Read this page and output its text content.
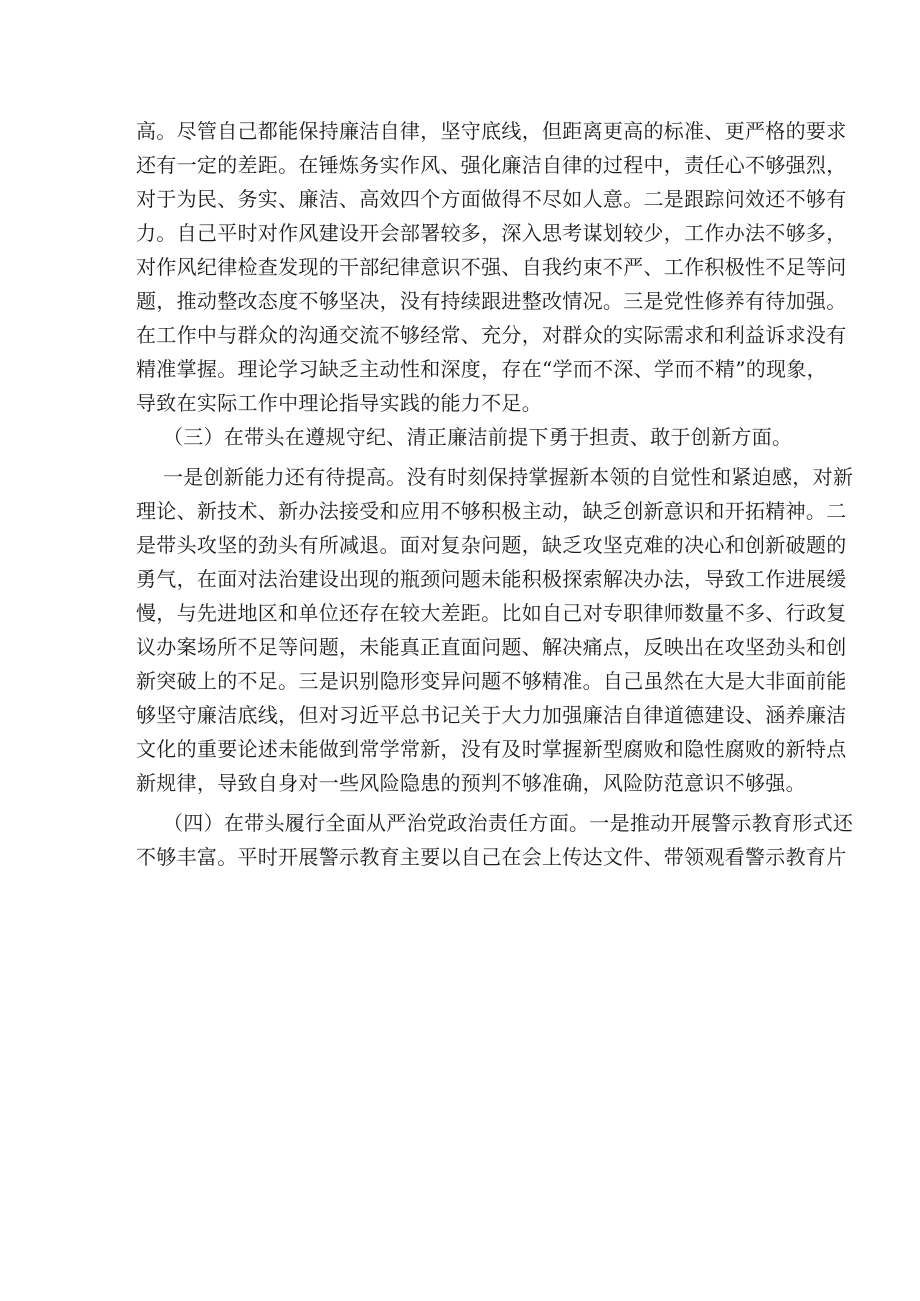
高。尽管自己都能保持廉洁自律，坚守底线，但距离更高的标准、更严格的要求
还有一定的差距。在锤炼务实作风、强化廉洁自律的过程中，责任心不够强烈，
对于为民、务实、廉洁、高效四个方面做得不尽如人意。二是跟踪问效还不够有
力。自己平时对作风建设开会部署较多，深入思考谋划较少，工作办法不够多，
对作风纪律检查发现的干部纪律意识不强、自我约束不严、工作积极性不足等问
题，推动整改态度不够坚决，没有持续跟进整改情况。三是党性修养有待加强。
在工作中与群众的沟通交流不够经常、充分，对群众的实际需求和利益诉求没有
精准掌握。理论学习缺乏主动性和深度，存在“学而不深、学而不精”的现象，
导致在实际工作中理论指导实践的能力不足。
（三）在带头在遵规守纪、清正廉洁前提下勇于担责、敢于创新方面。
一是创新能力还有待提高。没有时刻保持掌握新本领的自觉性和紧迫感，对新
理论、新技术、新办法接受和应用不够积极主动，缺乏创新意识和开拓精神。二
是带头攻坚的劲头有所减退。面对复杂问题，缺乏攻坚克难的决心和创新破题的
勇气，在面对法治建设出现的瓶颈问题未能积极探索解决办法，导致工作进展缓
慢，与先进地区和单位还存在较大差距。比如自己对专职律师数量不多、行政复
议办案场所不足等问题，未能真正直面问题、解决痛点，反映出在攻坚劲头和创
新突破上的不足。三是识别隐形变异问题不够精准。自己虽然在大是大非面前能
够坚守廉洁底线，但对习近平总书记关于大力加强廉洁自律道德建设、涵养廉洁
文化的重要论述未能做到常学常新，没有及时掌握新型腐败和隐性腐败的新特点
新规律，导致自身对一些风险隐患的预判不够准确，风险防范意识不够强。
（四）在带头履行全面从严治党政治责任方面。一是推动开展警示教育形式还
不够丰富。平时开展警示教育主要以自己在会上传达文件、带领观看警示教育片
